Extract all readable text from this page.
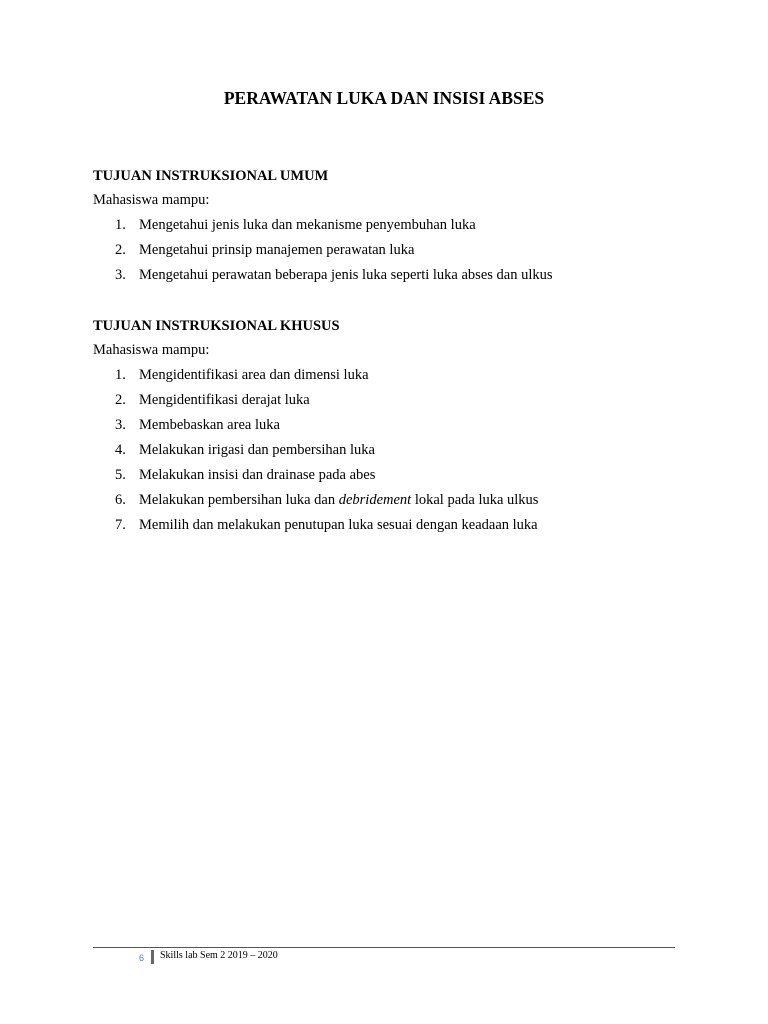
PERAWATAN LUKA DAN INSISI ABSES

TUJUAN INSTRUKSIONAL UMUM

Mahasiswa mampu:

1. Mengetahui jenis luka dan mekanisme penyembuhan luka
2. Mengetahui prinsip manajemen perawatan luka
3. Mengetahui perawatan beberapa jenis luka seperti luka abses dan ulkus

TUJUAN INSTRUKSIONAL KHUSUS

Mahasiswa mampu:

1. Mengidentifikasi area dan dimensi luka
2. Mengidentifikasi derajat luka
3. Membebaskan area luka
4. Melakukan irigasi dan pembersihan luka
5. Melakukan insisi dan drainase pada abes
6. Melakukan pembersihan luka dan debridement lokal pada luka ulkus
7. Memilih dan melakukan penutupan luka sesuai dengan keadaan luka
6 Skills lab Sem 2 2019 – 2020
